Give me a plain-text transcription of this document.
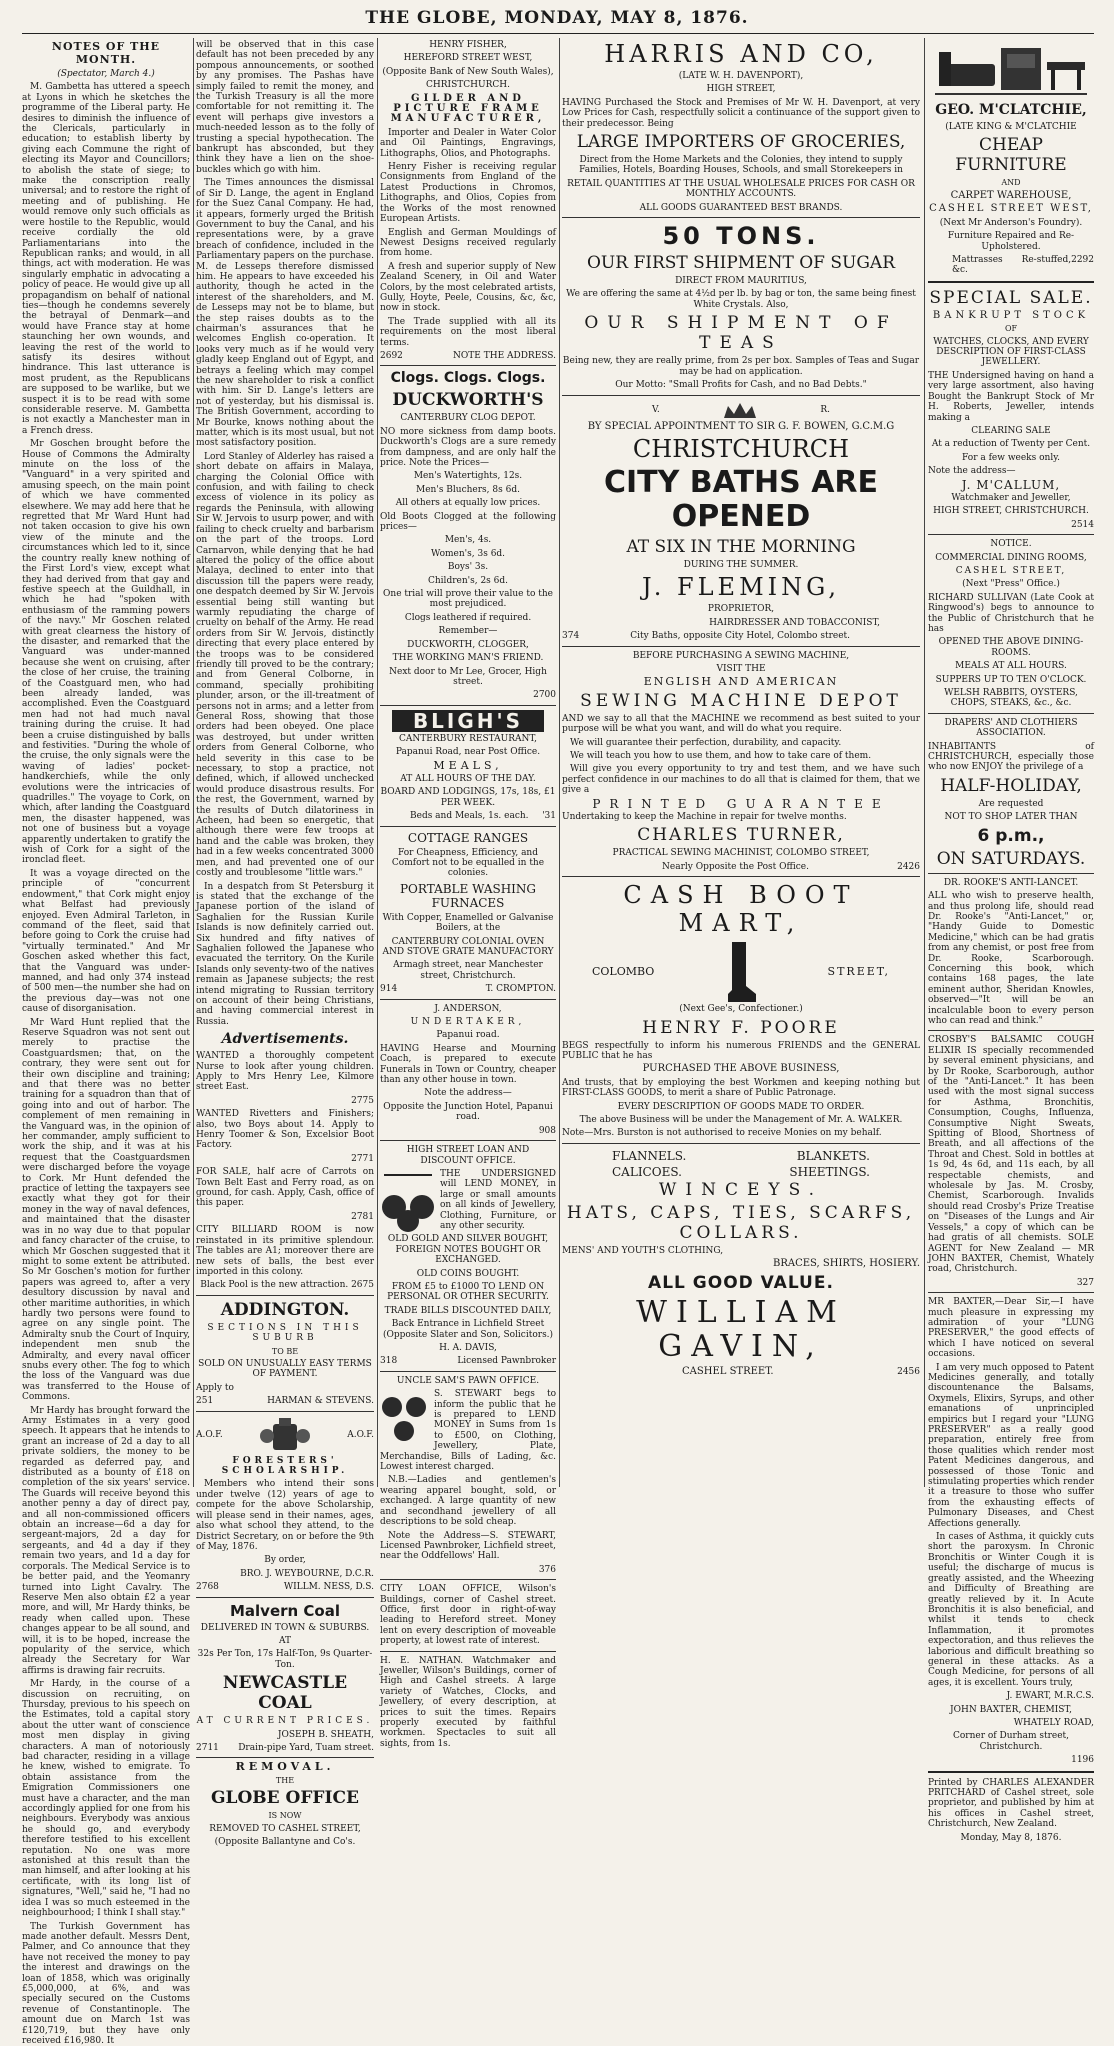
THE GLOBE, MONDAY, MAY 8, 1876.

NOTES OF THE MONTH.

(Spectator, March 4.)

M. Gambetta has uttered a speech at Lyons in which he sketches the programme of the Liberal party. He desires to diminish the influence of the Clericals, particularly in education; to establish liberty by giving each Commune the right of electing its Mayor and Councillors; to abolish the state of siege; to make the conscription really universal; and to restore the right of meeting and of publishing. He would remove only such officials as were hostile to the Republic, would receive cordially the old Parliamentarians into the Republican ranks; and would, in all things, act with moderation. He was singularly emphatic in advocating a policy of peace. He would give up all propagandism on behalf of national ties—though he condemns severely the betrayal of Denmark—and would have France stay at home staunching her own wounds, and leaving the rest of the world to satisfy its desires without hindrance. This last utterance is most prudent, as the Republicans are supposed to be warlike, but we suspect it is to be read with some considerable reserve. M. Gambetta is not exactly a Manchester man in a French dress.

Mr Goschen brought before the House of Commons the Admiralty minute on the loss of the "Vanguard" in a very spirited and amusing speech, on the main point of which we have commented elsewhere. We may add here that he regretted that Mr Ward Hunt had not taken occasion to give his own view of the minute and the circumstances which led to it, since the country really knew nothing of the First Lord's view, except what they had derived from that gay and festive speech at the Guildhall, in which he had "spoken with enthusiasm of the ramming powers of the navy." Mr Goschen related with great clearness the history of the disaster, and remarked that the Vanguard was under-manned because she went on cruising, after the close of her cruise, the training of the Coastguard men, who had been already landed, was accomplished. Even the Coastguard men had not had much naval training during the cruise. It had been a cruise distinguished by balls and festivities. "During the whole of the cruise, the only signals were the waving of ladies' pocket-handkerchiefs, while the only evolutions were the intricacies of quadrilles." The voyage to Cork, on which, after landing the Coastguard men, the disaster happened, was not one of business but a voyage apparently undertaken to gratify the wish of Cork for a sight of the ironclad fleet.

It was a voyage directed on the principle of "concurrent endowment," that Cork might enjoy what Belfast had previously enjoyed. Even Admiral Tarleton, in command of the fleet, said that before going to Cork the cruise had "virtually terminated." And Mr Goschen asked whether this fact, that the Vanguard was under-manned, and had only 374 instead of 500 men—the number she had on the previous day—was not one cause of disorganisation.

Mr Ward Hunt replied that the Reserve Squadron was not sent out merely to practise the Coastguardsmen; that, on the contrary, they were sent out for their own discipline and training; and that there was no better training for a squadron than that of going into and out of harbor. The complement of men remaining in the Vanguard was, in the opinion of her commander, amply sufficient to work the ship, and it was at his request that the Coastguardsmen were discharged before the voyage to Cork. Mr Hunt defended the practice of letting the taxpayers see exactly what they got for their money in the way of naval defences, and maintained that the disaster was in no way due to that popular and fancy character of the cruise, to which Mr Goschen suggested that it might to some extent be attributed. So Mr Goschen's motion for further papers was agreed to, after a very desultory discussion by naval and other maritime authorities, in which hardly two persons were found to agree on any single point. The Admiralty snub the Court of Inquiry, independent men snub the Admiralty, and every naval officer snubs every other. The fog to which the loss of the Vanguard was due was transferred to the House of Commons.

Mr Hardy has brought forward the Army Estimates in a very good speech. It appears that he intends to grant an increase of 2d a day to all private soldiers, the money to be regarded as deferred pay, and distributed as a bounty of £18 on completion of the six years' service. The Guards will receive beyond this another penny a day of direct pay, and all non-commissioned officers obtain an increase—6d a day for sergeant-majors, 2d a day for sergeants, and 4d a day if they remain two years, and 1d a day for corporals. The Medical Service is to be better paid, and the Yeomanry turned into Light Cavalry. The Reserve Men also obtain £2 a year more, and will, Mr Hardy thinks, be ready when called upon. These changes appear to be all sound, and will, it is to be hoped, increase the popularity of the service, which already the Secretary for War affirms is drawing fair recruits.

Mr Hardy, in the course of a discussion on recruiting, on Thursday, previous to his speech on the Estimates, told a capital story about the utter want of conscience most men display in giving characters. A man of notoriously bad character, residing in a village he knew, wished to emigrate. To obtain assistance from the Emigration Commissioners one must have a character, and the man accordingly applied for one from his neighbours. Everybody was anxious he should go, and everybody therefore testified to his excellent reputation. No one was more astonished at this result than the man himself, and after looking at his certificate, with its long list of signatures, "Well," said he, "I had no idea I was so much esteemed in the neighbourhood; I think I shall stay."

The Turkish Government has made another default. Messrs Dent, Palmer, and Co announce that they have not received the money to pay the interest and drawings on the loan of 1858, which was originally £5,000,000, at 6%, and was specially secured on the Customs revenue of Constantinople. The amount due on March 1st was £120,719, but they have only received £16,980. It

will be observed that in this case default has not been preceded by any pompous announcements, or soothed by any promises. The Pashas have simply failed to remit the money, and the Turkish Treasury is all the more comfortable for not remitting it. The event will perhaps give investors a much-needed lesson as to the folly of trusting a special hypothecation. The bankrupt has absconded, but they think they have a lien on the shoe-buckles which go with him.

The Times announces the dismissal of Sir D. Lange, the agent in England for the Suez Canal Company. He had, it appears, formerly urged the British Government to buy the Canal, and his representations were, by a grave breach of confidence, included in the Parliamentary papers on the purchase. M. de Lesseps therefore dismissed him. He appears to have exceeded his authority, though he acted in the interest of the shareholders, and M. de Lesseps may not be to blame, but the step raises doubts as to the chairman's assurances that he welcomes English co-operation. It looks very much as if he would very gladly keep England out of Egypt, and betrays a feeling which may compel the new shareholder to risk a conflict with him. Sir D. Lange's letters are not of yesterday, but his dismissal is. The British Government, according to Mr Bourke, knows nothing about the matter, which is its most usual, but not most satisfactory position.

Lord Stanley of Alderley has raised a short debate on affairs in Malaya, charging the Colonial Office with confusion, and with failing to check excess of violence in its policy as regards the Peninsula, with allowing Sir W. Jervois to usurp power, and with failing to check cruelty and barbarism on the part of the troops. Lord Carnarvon, while denying that he had altered the policy of the office about Malaya, declined to enter into that discussion till the papers were ready, one despatch deemed by Sir W. Jervois essential being still wanting but warmly repudiating the charge of cruelty on behalf of the Army. He read orders from Sir W. Jervois, distinctly directing that every place entered by the troops was to be considered friendly till proved to be the contrary; and from General Colborne, in command, specially prohibiting plunder, arson, or the ill-treatment of persons not in arms; and a letter from General Ross, showing that those orders had been obeyed. One place was destroyed, but under written orders from General Colborne, who held severity in this case to be necessary, to stop a practice, not defined, which, if allowed unchecked would produce disastrous results. For the rest, the Government, warned by the results of Dutch dilatoriness in Acheen, had been so energetic, that although there were few troops at hand and the cable was broken, they had in a few weeks concentrated 3000 men, and had prevented one of our costly and troublesome "little wars."

In a despatch from St Petersburg it is stated that the exchange of the Japanese portion of the island of Saghalien for the Russian Kurile Islands is now definitely carried out. Six hundred and fifty natives of Saghalien followed the Japanese who evacuated the territory. On the Kurile Islands only seventy-two of the natives remain as Japanese subjects; the rest intend migrating to Russian territory on account of their being Christians, and having commercial interest in Russia.

Advertisements.

WANTED a thoroughly competent Nurse to look after young children. Apply to Mrs Henry Lee, Kilmore street East.

2775

WANTED Rivetters and Finishers; also, two Boys about 14. Apply to Henry Toomer & Son, Excelsior Boot Factory.

2771

FOR SALE, half acre of Carrots on Town Belt East and Ferry road, as on ground, for cash. Apply, Cash, office of this paper.

2781

CITY BILLIARD ROOM is now reinstated in its primitive splendour. The tables are A1; moreover there are new sets of balls, the best ever imported in this colony.

Black Pool is the new attraction. 2675

ADDINGTON.

SECTIONS IN THIS SUBURB

TO BE

SOLD ON UNUSUALLY EASY TERMS OF PAYMENT.

Apply to

251	HARMAN & STEVENS.
A.O.F.	A.O.F.

FORESTERS' SCHOLARSHIP.

Members who intend their sons under twelve (12) years of age to compete for the above Scholarship, will please send in their names, ages, also what school they attend, to the District Secretary, on or before the 9th of May, 1876.

By order,

BRO. J. WEYBOURNE, D.C.R.

2768	WILLM. NESS, D.S.

Malvern Coal

DELIVERED IN TOWN & SUBURBS.

AT

32s Per Ton, 17s Half-Ton, 9s Quarter-Ton.

NEWCASTLE COAL

AT CURRENT PRICES.

JOSEPH B. SHEATH,

2711 Drain-pipe Yard, Tuam street.

REMOVAL.

THE

GLOBE OFFICE

IS NOW

REMOVED TO CASHEL STREET,

(Opposite Ballantyne and Co's.

HENRY FISHER,

HEREFORD STREET WEST,

(Opposite Bank of New South Wales),

CHRISTCHURCH.

GILDER AND PICTURE FRAME MANUFACTURER,

Importer and Dealer in Water Color and Oil Paintings, Engravings, Lithographs, Olios, and Photographs.

Henry Fisher is receiving regular Consignments from England of the Latest Productions in Chromos, Lithographs, and Olios, Copies from the Works of the most renowned European Artists.

English and German Mouldings of Newest Designs received regularly from home.

A fresh and superior supply of New Zealand Scenery, in Oil and Water Colors, by the most celebrated artists, Gully, Hoyte, Peele, Cousins, &c, &c, now in stock.

The Trade supplied with all its requirements on the most liberal terms.

2692	NOTE THE ADDRESS.

Clogs. Clogs. Clogs.

DUCKWORTH'S

CANTERBURY CLOG DEPOT.

NO more sickness from damp boots. Duckworth's Clogs are a sure remedy from dampness, and are only half the price. Note the Prices—

Men's Watertights, 12s.

Men's Bluchers, 8s 6d.

All others at equally low prices.

Old Boots Clogged at the following prices—

Men's, 4s.

Women's, 3s 6d.

Boys' 3s.

Children's, 2s 6d.

One trial will prove their value to the most prejudiced.

Clogs leathered if required.

Remember—

DUCKWORTH, CLOGGER,

THE WORKING MAN'S FRIEND.

Next door to Mr Lee, Grocer, High street.

2700

BLIGH'S

CANTERBURY RESTAURANT,

Papanui Road, near Post Office.

MEALS,

AT ALL HOURS OF THE DAY.

BOARD AND LODGINGS, 17s, 18s, £1 PER WEEK.

Beds and Meals, 1s. each. '31

COTTAGE RANGES

For Cheapness, Efficiency, and Comfort not to be equalled in the colonies.

PORTABLE WASHING FURNACES

With Copper, Enamelled or Galvanise Boilers, at the

CANTERBURY COLONIAL OVEN AND STOVE GRATE MANUFACTORY

Armagh street, near Manchester street, Christchurch.

914	T. CROMPTON.

J. ANDERSON,

UNDERTAKER,

Papanui road.

HAVING Hearse and Mourning Coach, is prepared to execute Funerals in Town or Country, cheaper than any other house in town.

Note the address—

Opposite the Junction Hotel, Papanui road.

908

HIGH STREET LOAN AND DISCOUNT OFFICE.

THE UNDERSIGNED will LEND MONEY, in large or small amounts on all kinds of Jewellery, Clothing, Furniture, or any other security.

OLD GOLD AND SILVER BOUGHT, FOREIGN NOTES BOUGHT OR EXCHANGED.

OLD COINS BOUGHT.

FROM £5 to £1000 TO LEND ON PERSONAL OR OTHER SECURITY.

TRADE BILLS DISCOUNTED DAILY,

Back Entrance in Lichfield Street (Opposite Slater and Son, Solicitors.)

H. A. DAVIS,

318	Licensed Pawnbroker

UNCLE SAM'S PAWN OFFICE.

S. STEWART begs to inform the public that he is prepared to LEND MONEY in Sums from 1s to £500, on Clothing, Jewellery, Plate, Merchandise, Bills of Lading, &c. Lowest interest charged.

N.B.—Ladies and gentlemen's wearing apparel bought, sold, or exchanged. A large quantity of new and secondhand jewellery of all descriptions to be sold cheap.

Note the Address—S. STEWART, Licensed Pawnbroker, Lichfield street, near the Oddfellows' Hall.

376

CITY LOAN OFFICE, Wilson's Buildings, corner of Cashel street. Office, first door in right-of-way leading to Hereford street. Money lent on every description of moveable property, at lowest rate of interest.

H. E. NATHAN. Watchmaker and Jeweller, Wilson's Buildings, corner of High and Cashel streets. A large variety of Watches, Clocks, and Jewellery, of every description, at prices to suit the times. Repairs properly executed by faithful workmen. Spectacles to suit all sights, from 1s.

HARRIS AND CO,

(LATE W. H. DAVENPORT),

HIGH STREET,

HAVING Purchased the Stock and Premises of Mr W. H. Davenport, at very Low Prices for Cash, respectfully solicit a continuance of the support given to their predecessor. Being

LARGE IMPORTERS OF GROCERIES,

Direct from the Home Markets and the Colonies, they intend to supply Families, Hotels, Boarding Houses, Schools, and small Storekeepers in

RETAIL QUANTITIES AT THE USUAL WHOLESALE PRICES FOR CASH OR MONTHLY ACCOUNTS.

ALL GOODS GUARANTEED BEST BRANDS.

50 TONS.

OUR FIRST SHIPMENT OF SUGAR

DIRECT FROM MAURITIUS,

We are offering the same at 4½d per lb. by bag or ton, the same being finest White Crystals. Also,

OUR SHIPMENT OF TEAS

Being new, they are really prime, from 2s per box. Samples of Teas and Sugar may be had on application.

Our Motto: "Small Profits for Cash, and no Bad Debts."

V.	R.

BY SPECIAL APPOINTMENT TO SIR G. F. BOWEN, G.C.M.G

CHRISTCHURCH

CITY BATHS ARE OPENED

AT SIX IN THE MORNING

DURING THE SUMMER.

J. FLEMING,

PROPRIETOR,

HAIRDRESSER AND TOBACCONIST,

374	City Baths, opposite City Hotel, Colombo street.

BEFORE PURCHASING A SEWING MACHINE,

VISIT THE

ENGLISH AND AMERICAN

SEWING MACHINE DEPOT

AND we say to all that the MACHINE we recommend as best suited to your purpose will be what you want, and will do what you require.

We will guarantee their perfection, durability, and capacity.

We will teach you how to use them, and how to take care of them.

Will give you every opportunity to try and test them, and we have such perfect confidence in our machines to do all that is claimed for them, that we give a

PRINTED GUARANTEE

Undertaking to keep the Machine in repair for twelve months.

CHARLES TURNER,

PRACTICAL SEWING MACHINIST, COLOMBO STREET,

Nearly Opposite the Post Office.	2426

CASH BOOT MART,

COLOMBO	STREET,

(Next Gee's, Confectioner.)

HENRY F. POORE

BEGS respectfully to inform his numerous FRIENDS and the GENERAL PUBLIC that he has

PURCHASED THE ABOVE BUSINESS,

And trusts, that by employing the best Workmen and keeping nothing but FIRST-CLASS GOODS, to merit a share of Public Patronage.

EVERY DESCRIPTION OF GOODS MADE TO ORDER.

The above Business will be under the Management of Mr. A. WALKER.

Note—Mrs. Burston is not authorised to receive Monies on my behalf.

FLANNELS.	BLANKETS.
CALICOES.	SHEETINGS.

WINCEYS.

HATS, CAPS, TIES, SCARFS, COLLARS.

MENS' AND YOUTH'S CLOTHING,

BRACES, SHIRTS, HOSIERY.

ALL GOOD VALUE.

WILLIAM GAVIN,

CASHEL STREET.	2456

GEO. M'CLATCHIE,

(LATE KING & M'CLATCHIE

CHEAP FURNITURE

AND

CARPET WAREHOUSE,

CASHEL STREET WEST,

(Next Mr Anderson's Foundry).

Furniture Repaired and Re-Upholstered.

Mattrasses Re-stuffed, &c.
2292

SPECIAL SALE.

BANKRUPT STOCK

OF

WATCHES, CLOCKS, AND EVERY DESCRIPTION OF FIRST-CLASS JEWELLERY.

THE Undersigned having on hand a very large assortment, also having Bought the Bankrupt Stock of Mr H. Roberts, Jeweller, intends making a

CLEARING SALE

At a reduction of Twenty per Cent.

For a few weeks only.

Note the address—

J. M'CALLUM,

Watchmaker and Jeweller,

HIGH STREET, CHRISTCHURCH.

2514

NOTICE.

COMMERCIAL DINING ROOMS,

CASHEL STREET,

(Next "Press" Office.)

RICHARD SULLIVAN (Late Cook at Ringwood's) begs to announce to the Public of Christchurch that he has

OPENED THE ABOVE DINING-ROOMS.

MEALS AT ALL HOURS.

SUPPERS UP TO TEN O'CLOCK.

WELSH RABBITS, OYSTERS, CHOPS, STEAKS, &c., &c.

DRAPERS' AND CLOTHIERS ASSOCIATION.

INHABITANTS of CHRISTCHURCH, especially those who now ENJOY the privilege of a

HALF-HOLIDAY,

Are requested

NOT TO SHOP LATER THAN

6 p.m.,

ON SATURDAYS.

DR. ROOKE'S ANTI-LANCET.

ALL who wish to preserve health, and thus prolong life, should read Dr. Rooke's "Anti-Lancet," or, "Handy Guide to Domestic Medicine," which can be had gratis from any chemist, or post free from Dr. Rooke, Scarborough. Concerning this book, which contains 168 pages, the late eminent author, Sheridan Knowles, observed—"It will be an incalculable boon to every person who can read and think."

CROSBY'S BALSAMIC COUGH ELIXIR IS specially recommended by several eminent physicians, and by Dr Rooke, Scarborough, author of the "Anti-Lancet." It has been used with the most signal success for Asthma, Bronchitis, Consumption, Coughs, Influenza, Consumptive Night Sweats, Spitting of Blood, Shortness of Breath, and all affections of the Throat and Chest. Sold in bottles at 1s 9d, 4s 6d, and 11s each, by all respectable chemists, and wholesale by Jas. M. Crosby, Chemist, Scarborough. Invalids should read Crosby's Prize Treatise on "Diseases of the Lungs and Air Vessels," a copy of which can be had gratis of all chemists. SOLE AGENT for New Zealand — MR JOHN BAXTER, Chemist, Whately road, Christchurch.

327

MR BAXTER,—Dear Sir,—I have much pleasure in expressing my admiration of your "LUNG PRESERVER," the good effects of which I have noticed on several occasions.

I am very much opposed to Patent Medicines generally, and totally discountenance the Balsams, Oxymels, Elixirs, Syrups, and other emanations of unprincipled empirics but I regard your "LUNG PRESERVER" as a really good preparation, entirely free from those qualities which render most Patent Medicines dangerous, and possessed of those Tonic and stimulating properties which render it a treasure to those who suffer from the exhausting effects of Pulmonary Diseases, and Chest Affections generally.

In cases of Asthma, it quickly cuts short the paroxysm. In Chronic Bronchitis or Winter Cough it is useful; the discharge of mucus is greatly assisted, and the Wheezing and Difficulty of Breathing are greatly relieved by it. In Acute Bronchitis it is also beneficial, and whilst it tends to check Inflammation, it promotes expectoration, and thus relieves the laborious and difficult breathing so general in these attacks. As a Cough Medicine, for persons of all ages, it is excellent. Yours truly,

J. EWART, M.R.C.S.

JOHN BAXTER, CHEMIST,

WHATELY ROAD,

Corner of Durham street, Christchurch.

1196

Printed by CHARLES ALEXANDER PRITCHARD of Cashel street, sole proprietor, and published by him at his offices in Cashel street, Christchurch, New Zealand.

Monday, May 8, 1876.
